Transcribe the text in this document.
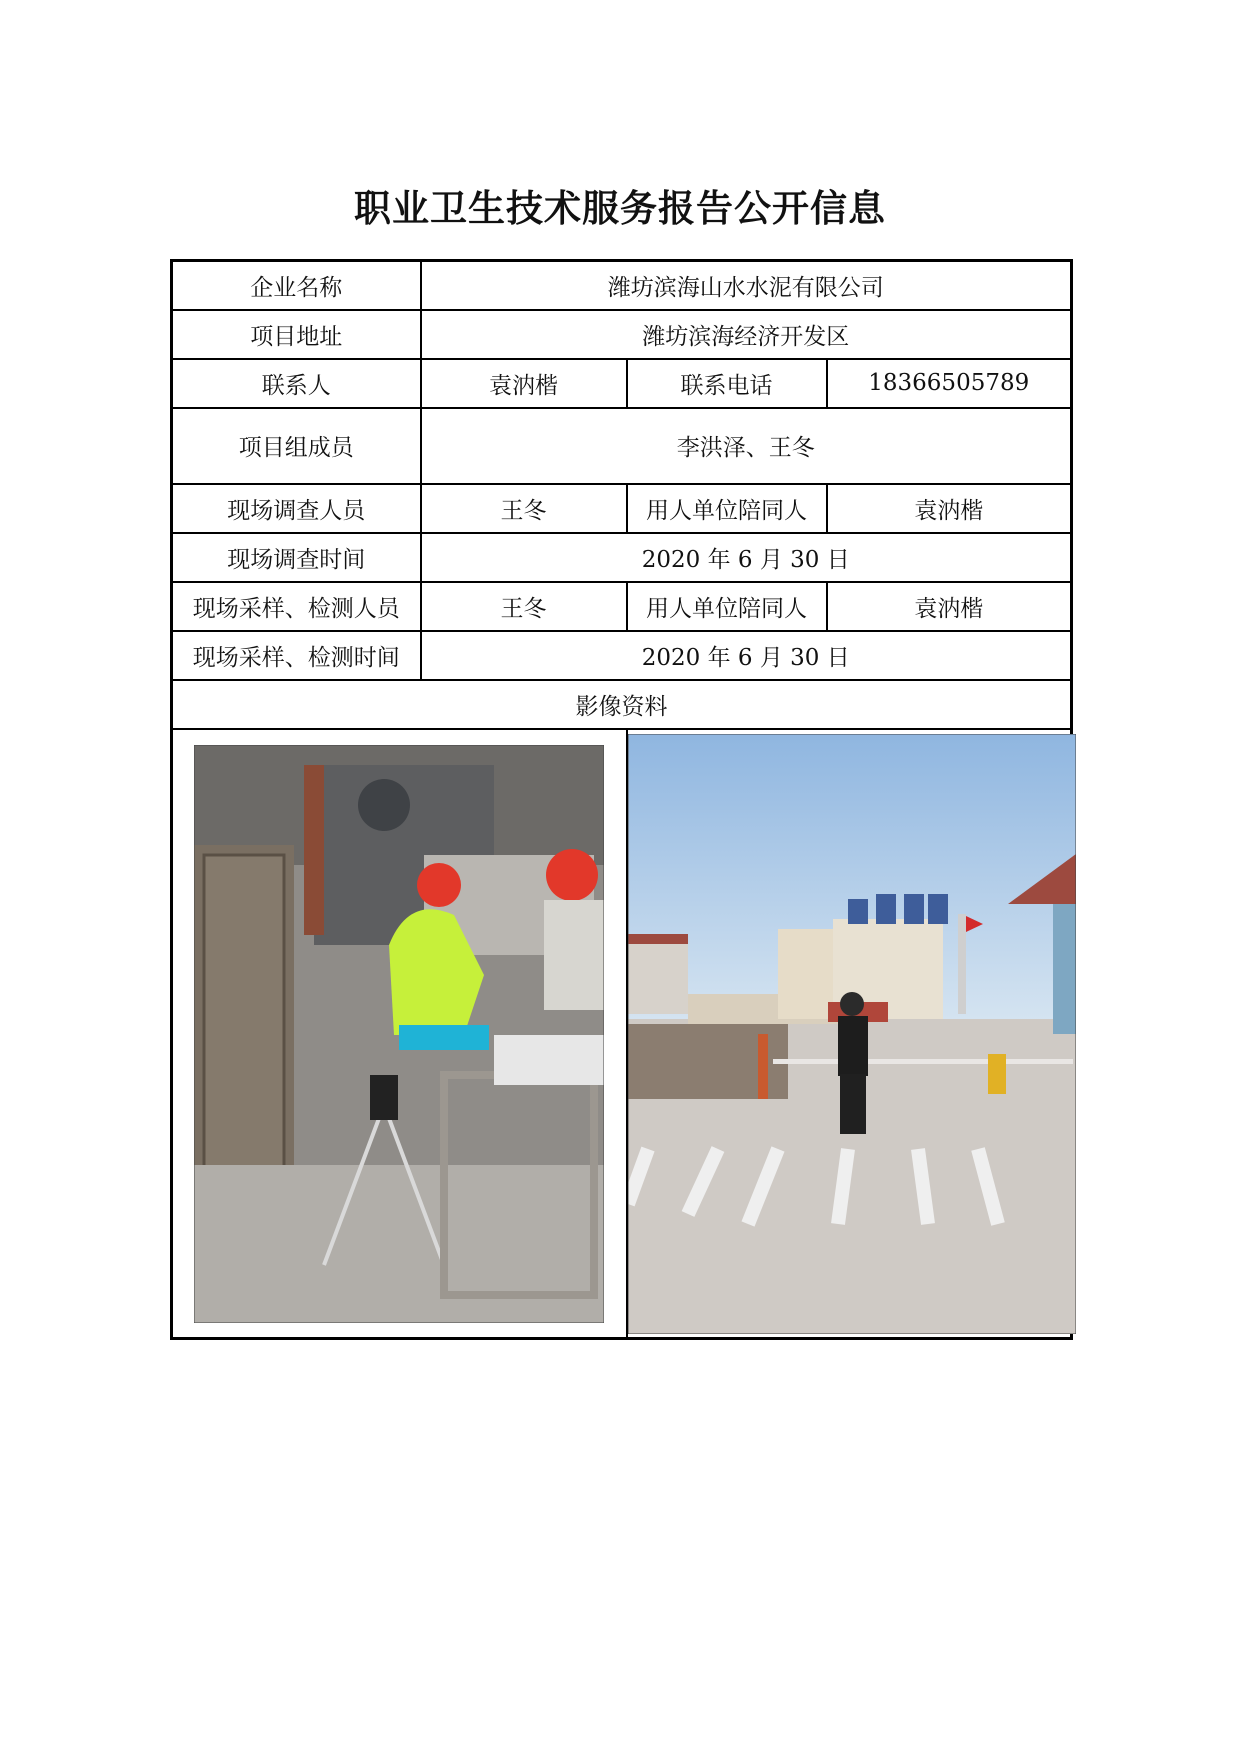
职业卫生技术服务报告公开信息
企业名称	潍坊滨海山水水泥有限公司		
项目地址	潍坊滨海经济开发区		
联系人	袁汭楷	联系电话	18366505789
项目组成员	李洪泽、王冬		
现场调查人员	王冬	用人单位陪同人	袁汭楷
现场调查时间	2020 年 6 月 30 日		
现场采样、检测人员	王冬	用人单位陪同人	袁汭楷
现场采样、检测时间	2020 年 6 月 30 日		
影像资料			
